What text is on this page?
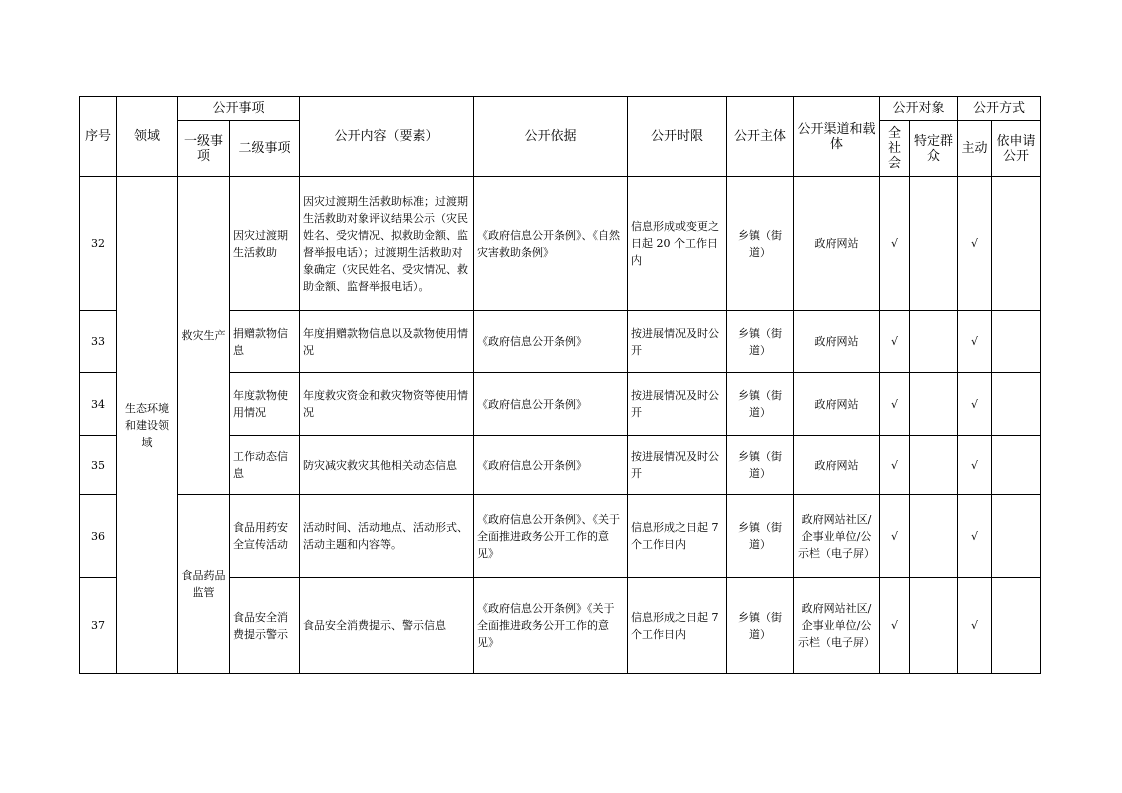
序号	领域	公开事项		公开内容（要素）	公开依据	公开时限	公开主体	公开渠道和载体	公开对象		公开方式	
		一级事项	二级事项						全社会	特定群众	主动	依申请公开
32	生态环境和建设领域	救灾生产	因灾过渡期生活救助	因灾过渡期生活救助标准；过渡期生活救助对象评议结果公示（灾民姓名、受灾情况、拟救助金额、监督举报电话）；过渡期生活救助对象确定（灾民姓名、受灾情况、救助金额、监督举报电话）。	《政府信息公开条例》、《自然灾害救助条例》	信息形成或变更之日起 20 个工作日内	乡镇（街道）	政府网站	√		√	
33			捐赠款物信息	年度捐赠款物信息以及款物使用情况	《政府信息公开条例》	按进展情况及时公开	乡镇（街道）	政府网站	√		√	
34			年度款物使用情况	年度救灾资金和救灾物资等使用情况	《政府信息公开条例》	按进展情况及时公开	乡镇（街道）	政府网站	√		√	
35			工作动态信息	防灾减灾救灾其他相关动态信息	《政府信息公开条例》	按进展情况及时公开	乡镇（街道）	政府网站	√		√	
36		食品药品监管	食品用药安全宣传活动	活动时间、活动地点、活动形式、活动主题和内容等。	《政府信息公开条例》、《关于全面推进政务公开工作的意见》	信息形成之日起 7 个工作日内	乡镇（街道）	政府网站社区/企事业单位/公示栏（电子屏）	√		√	
37			食品安全消费提示警示	食品安全消费提示、警示信息	《政府信息公开条例》《关于全面推进政务公开工作的意见》	信息形成之日起 7 个工作日内	乡镇（街道）	政府网站社区/企事业单位/公示栏（电子屏）	√		√	
